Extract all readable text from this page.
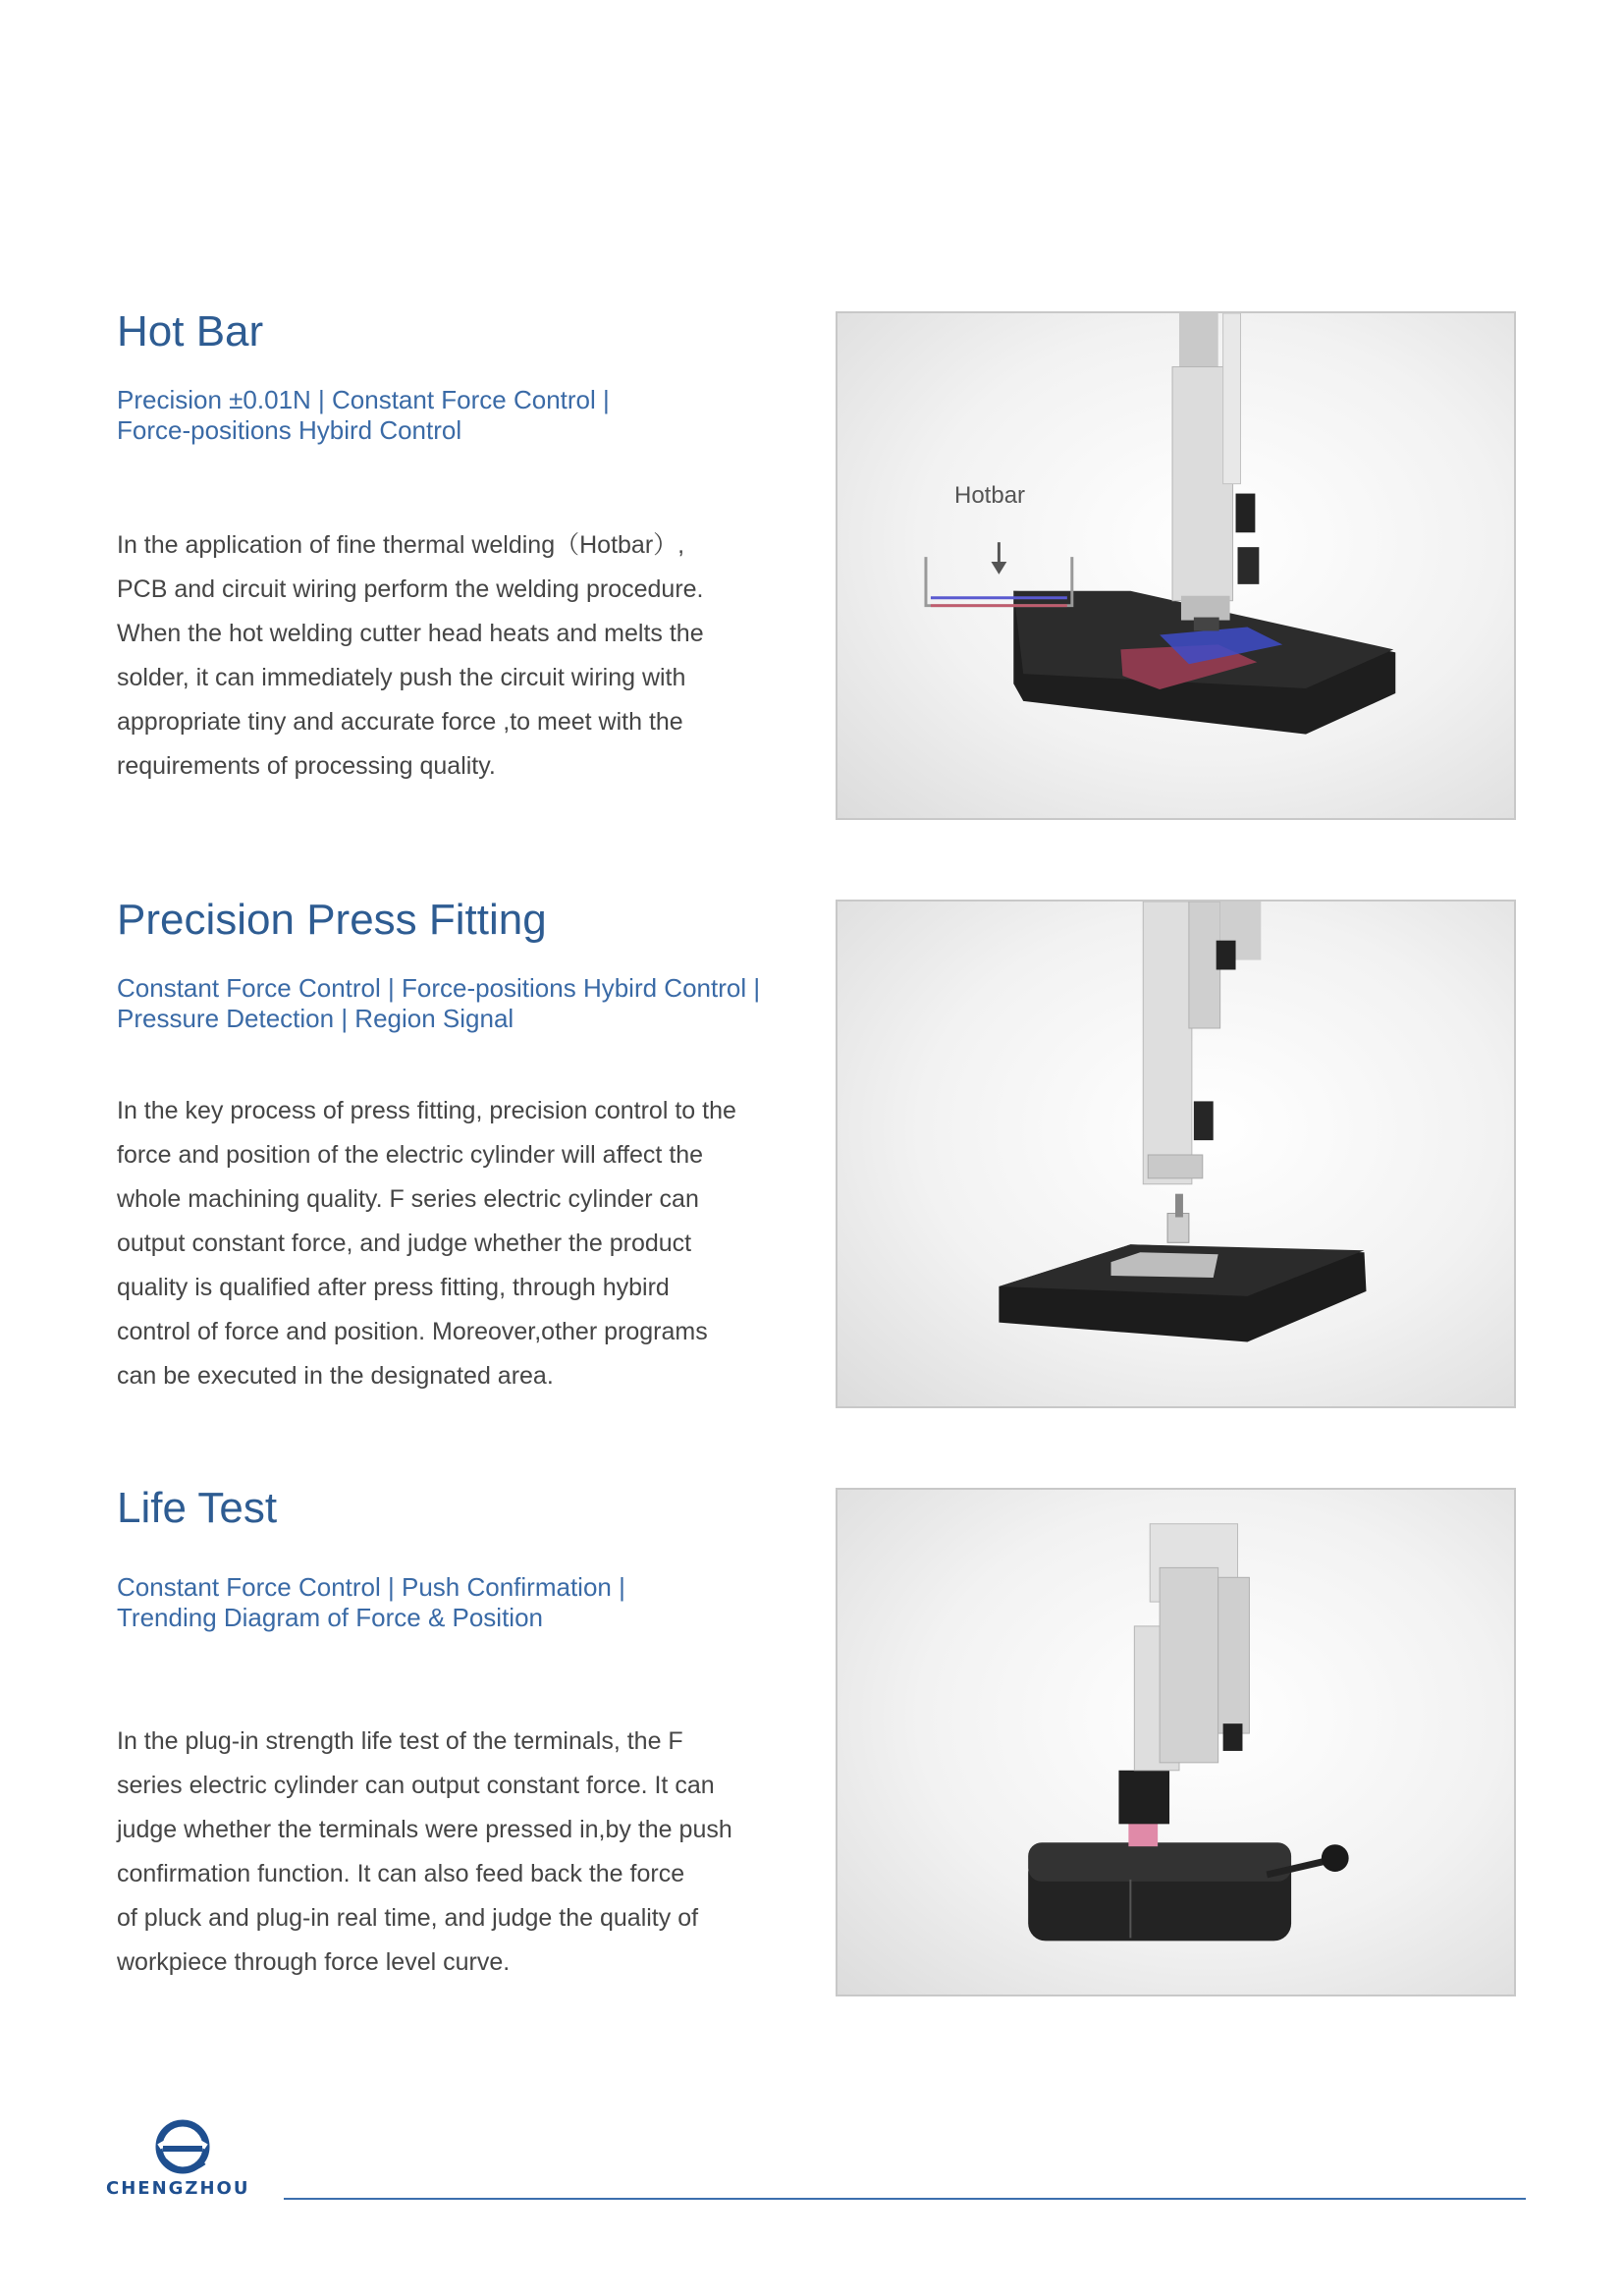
Hot Bar
Precision ±0.01N | Constant Force Control |
Force-positions Hybird Control
In the application of fine thermal welding（Hotbar）,
PCB and circuit wiring perform the welding procedure.
When the hot welding cutter head heats and melts the
solder, it can immediately push the circuit wiring with
appropriate tiny and accurate force ,to meet with the
requirements of processing quality.
Hotbar
Precision Press Fitting
Constant Force Control | Force-positions Hybird Control |
Pressure Detection | Region Signal
In the key process of press fitting, precision control to the
force and position of the electric cylinder will affect the
whole machining quality. F series electric cylinder can
output constant force, and judge whether the product
quality is qualified after press fitting, through hybird
control of force and position. Moreover,other programs
can be executed in the designated area.
Life Test
Constant Force Control | Push Confirmation |
Trending Diagram of Force & Position
In the plug-in strength life test of the terminals, the F
series electric cylinder can output constant force. It can
judge whether the terminals were pressed in,by the push
confirmation function. It can also feed back the force
of pluck and plug-in real time, and judge the quality of
workpiece through force level curve.
CHENGZHOU
